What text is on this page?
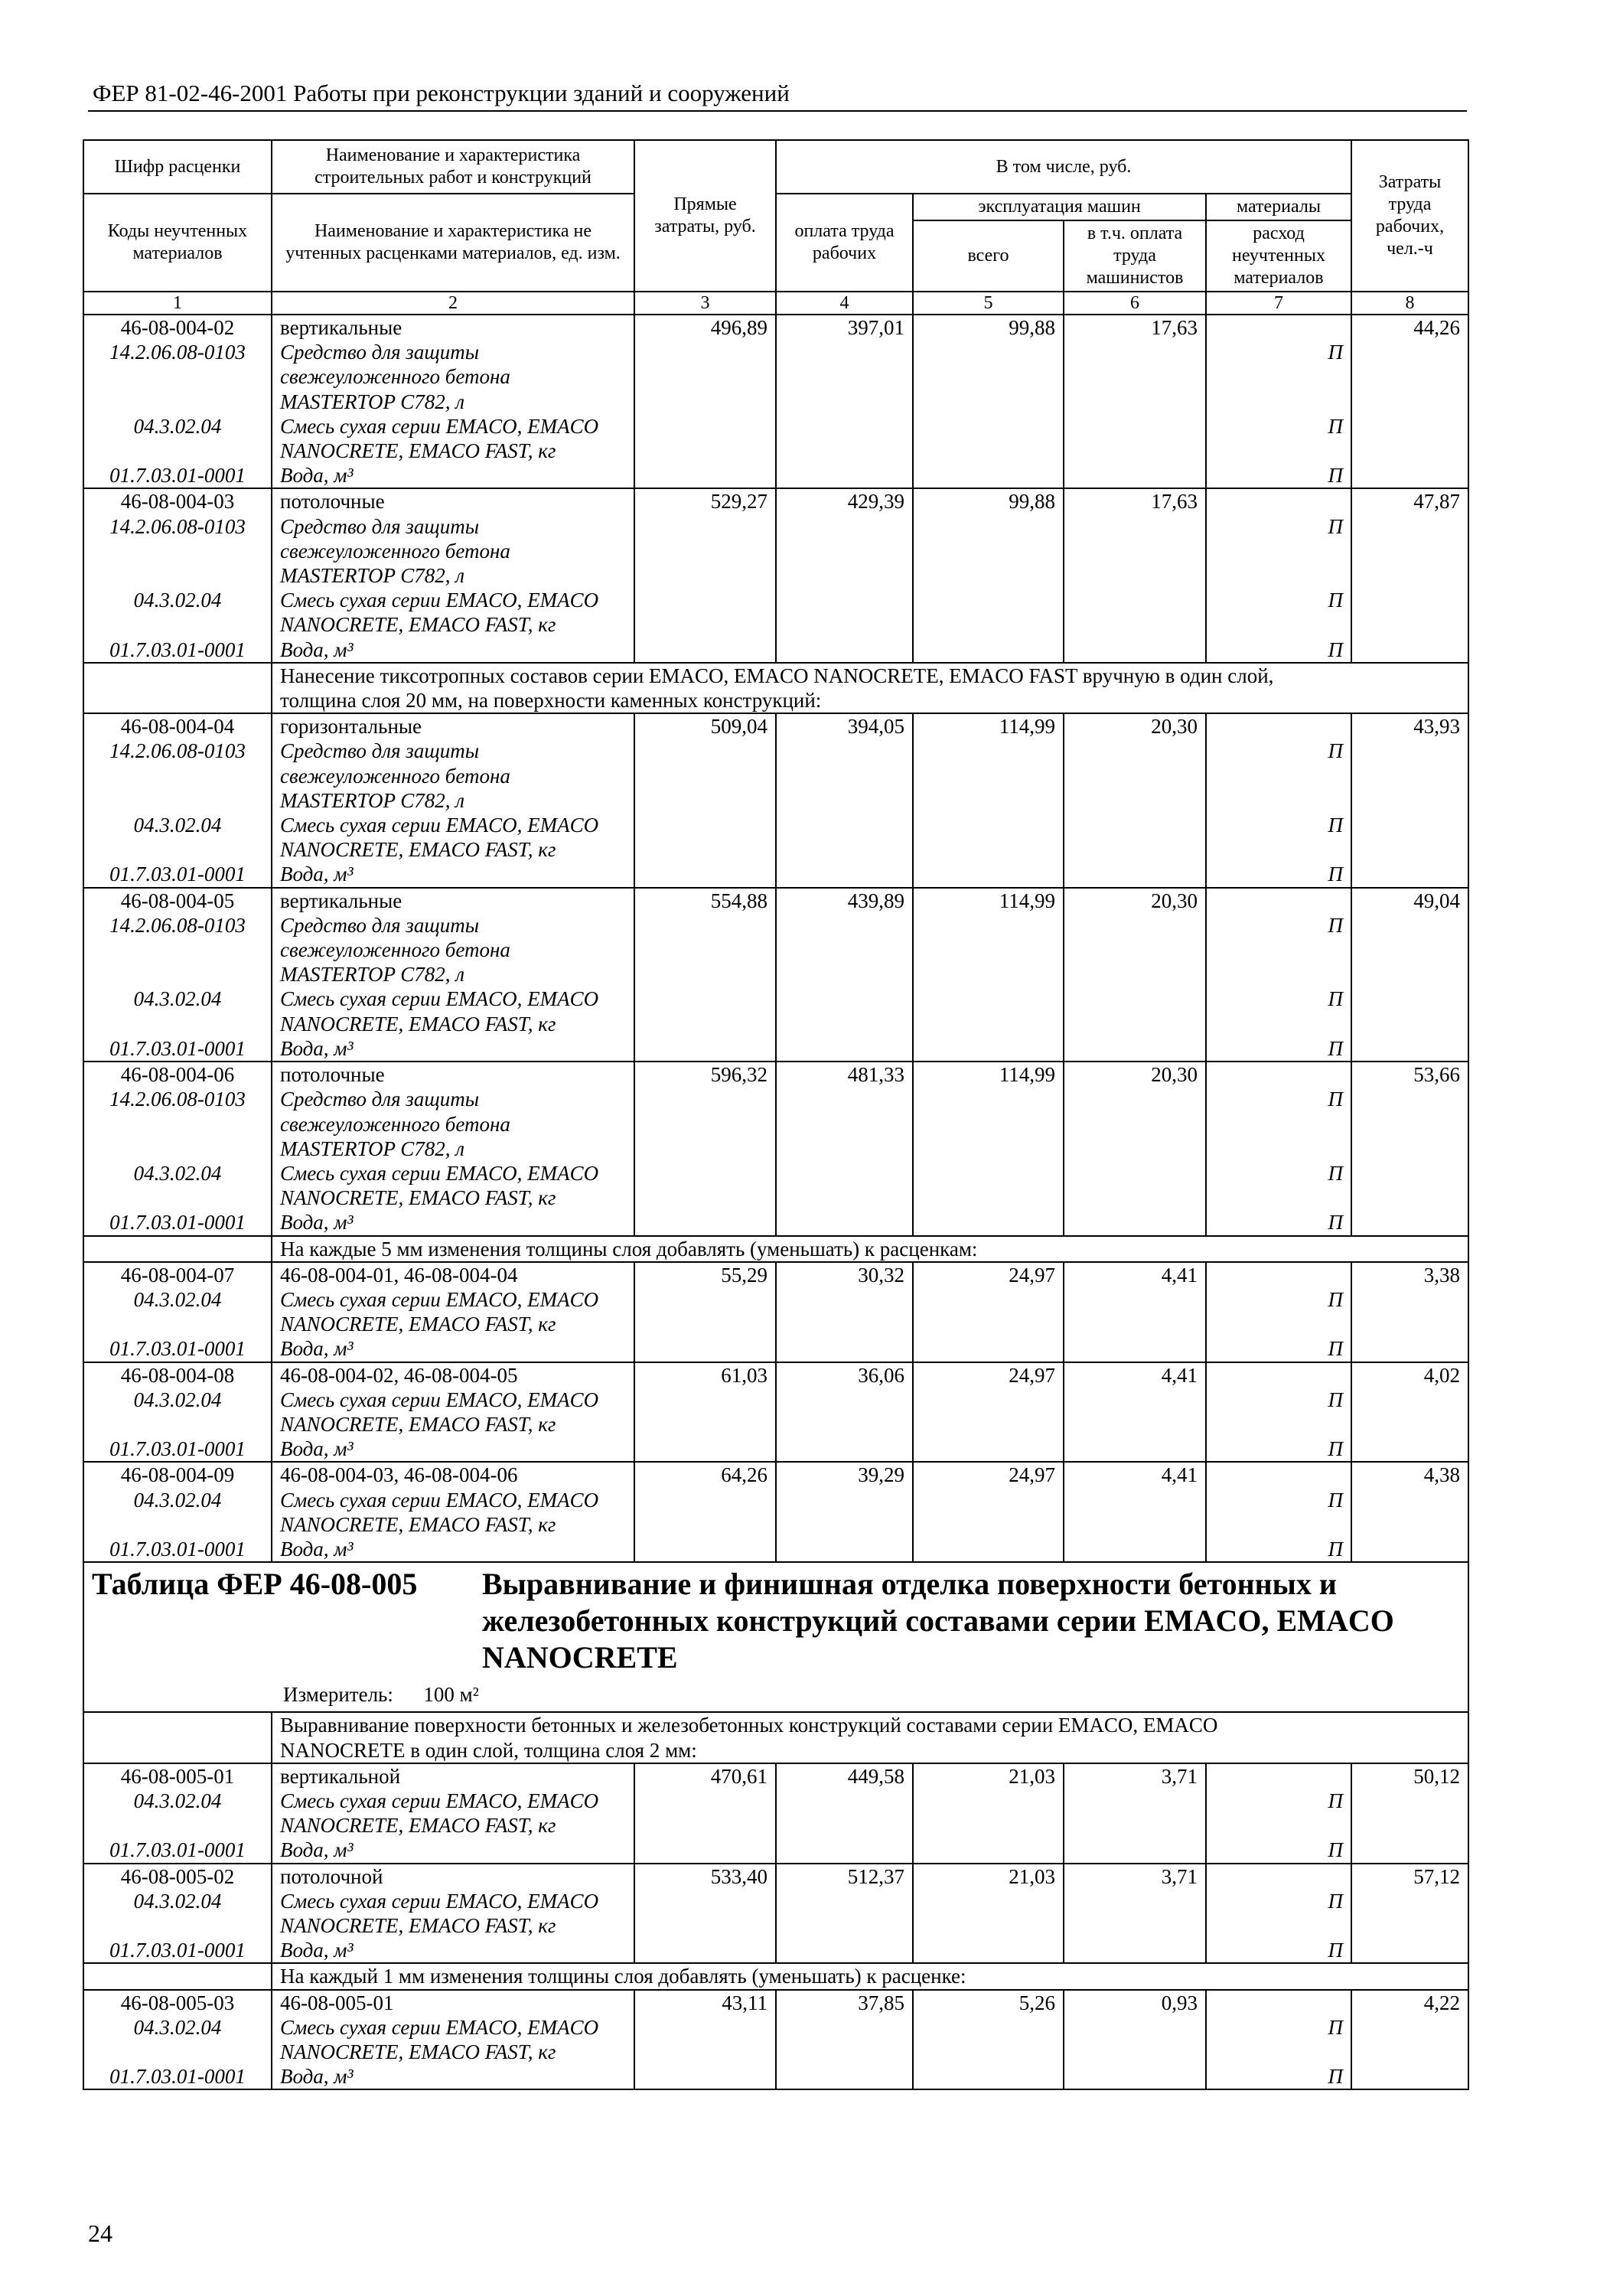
ФЕР 81-02-46-2001 Работы при реконструкции зданий и сооружений
Шифр расценки	Наименование и характеристика строительных работ и конструкций	Прямые затраты, руб.	В том числе, руб.				Затраты труда рабочих, чел.-ч
Коды неучтенных материалов	Наименование и характеристика не учтенных расценками материалов, ед. изм.		оплата труда рабочих	эксплуатация машин		материалы	
				всего	в т.ч. оплата труда машинистов	расход неучтенных материалов	
1	2	3	4	5	6	7	8
46-08-004-02	вертикальные	496,89	397,01	99,88	17,63		44,26
14.2.06.08-0103	Средство для защиты
свежеуложенного бетона
MASTERTOP C782, л					П	
04.3.02.04	Смесь сухая серии EMACO, EMACO
NANOCRETE, EMACO FAST, кг					П	
01.7.03.01-0001	Вода, м³					П	
46-08-004-03	потолочные	529,27	429,39	99,88	17,63		47,87
14.2.06.08-0103	Средство для защиты
свежеуложенного бетона
MASTERTOP C782, л					П	
04.3.02.04	Смесь сухая серии EMACO, EMACO
NANOCRETE, EMACO FAST, кг					П	
01.7.03.01-0001	Вода, м³					П	
	Нанесение тиксотропных составов серии EMACO, EMACO NANOCRETE, EMACO FAST вручную в один слой,
толщина слоя 20 мм, на поверхности каменных конструкций:						
46-08-004-04	горизонтальные	509,04	394,05	114,99	20,30		43,93
14.2.06.08-0103	Средство для защиты
свежеуложенного бетона
MASTERTOP C782, л					П	
04.3.02.04	Смесь сухая серии EMACO, EMACO
NANOCRETE, EMACO FAST, кг					П	
01.7.03.01-0001	Вода, м³					П	
46-08-004-05	вертикальные	554,88	439,89	114,99	20,30		49,04
14.2.06.08-0103	Средство для защиты
свежеуложенного бетона
MASTERTOP C782, л					П	
04.3.02.04	Смесь сухая серии EMACO, EMACO
NANOCRETE, EMACO FAST, кг					П	
01.7.03.01-0001	Вода, м³					П	
46-08-004-06	потолочные	596,32	481,33	114,99	20,30		53,66
14.2.06.08-0103	Средство для защиты
свежеуложенного бетона
MASTERTOP C782, л					П	
04.3.02.04	Смесь сухая серии EMACO, EMACO
NANOCRETE, EMACO FAST, кг					П	
01.7.03.01-0001	Вода, м³					П	
	На каждые 5 мм изменения толщины слоя добавлять (уменьшать) к расценкам:						
46-08-004-07	46-08-004-01, 46-08-004-04	55,29	30,32	24,97	4,41		3,38
04.3.02.04	Смесь сухая серии EMACO, EMACO
NANOCRETE, EMACO FAST, кг					П	
01.7.03.01-0001	Вода, м³					П	
46-08-004-08	46-08-004-02, 46-08-004-05	61,03	36,06	24,97	4,41		4,02
04.3.02.04	Смесь сухая серии EMACO, EMACO
NANOCRETE, EMACO FAST, кг					П	
01.7.03.01-0001	Вода, м³					П	
46-08-004-09	46-08-004-03, 46-08-004-06	64,26	39,29	24,97	4,41		4,38
04.3.02.04	Смесь сухая серии EMACO, EMACO
NANOCRETE, EMACO FAST, кг					П	
01.7.03.01-0001	Вода, м³					П	

Таблица ФЕР 46-08-005 Выравнивание и финишная отделка поверхности бетонных и железобетонных конструкций составами серии EMACO, EMACO NANOCRETE
Измеритель: 100 м²							

	Выравнивание поверхности бетонных и железобетонных конструкций составами серии EMACO, EMACO
NANOCRETE в один слой, толщина слоя 2 мм:						
46-08-005-01	вертикальной	470,61	449,58	21,03	3,71		50,12
04.3.02.04	Смесь сухая серии EMACO, EMACO
NANOCRETE, EMACO FAST, кг					П	
01.7.03.01-0001	Вода, м³					П	
46-08-005-02	потолочной	533,40	512,37	21,03	3,71		57,12
04.3.02.04	Смесь сухая серии EMACO, EMACO
NANOCRETE, EMACO FAST, кг					П	
01.7.03.01-0001	Вода, м³					П	
	На каждый 1 мм изменения толщины слоя добавлять (уменьшать) к расценке:						
46-08-005-03	46-08-005-01	43,11	37,85	5,26	0,93		4,22
04.3.02.04	Смесь сухая серии EMACO, EMACO
NANOCRETE, EMACO FAST, кг					П	
01.7.03.01-0001	Вода, м³					П	
24
